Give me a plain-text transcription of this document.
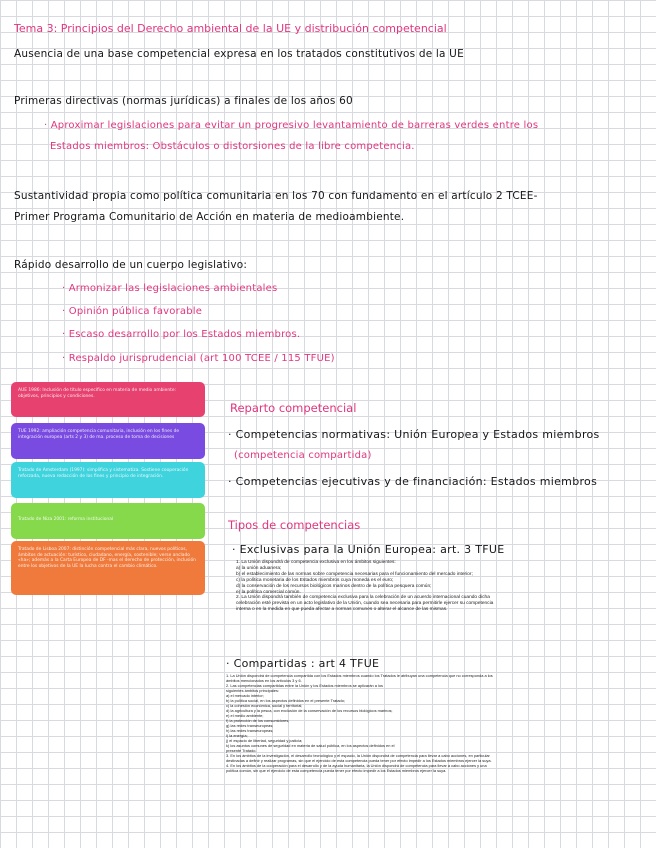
Tema 3: Principios del Derecho ambiental de la UE y distribución competencial
Ausencia de una base competencial expresa en los tratados constitutivos de la UE
Primeras directivas (normas jurídicas) a finales de los años 60
· Aproximar legislaciones para evitar un progresivo levantamiento de barreras verdes entre los
Estados miembros: Obstáculos o distorsiones de la libre competencia.
Sustantividad propia como política comunitaria en los 70 con fundamento en el artículo 2 TCEE-
Primer Programa Comunitario de Acción en materia de medioambiente.
Rápido desarrollo de un cuerpo legislativo:
· Armonizar las legislaciones ambientales
· Opinión pública favorable
· Escaso desarrollo por los Estados miembros.
· Respaldo jurisprudencial (art 100 TCEE / 115 TFUE)
AUE 1986: Inclusión de título específico en materia de medio ambiente: objetivos, principios y condiciones.
TUE 1992: ampliación competencia comunitaria, inclusión en los fines de integración europea (arts 2 y 3) de ma. proceso de toma de decisiones
Tratado de Amsterdam (1997): simplifica y sistematiza. Sostiene cooperación reforzada, nueva redacción de los fines y principio de integración.
Tratado de Niza 2001: reforma institucional
Tratado de Lisboa 2007: distinción competencial más clara, nuevos políticos, ámbitos de actuación: turístico, ciudadano, energía, sostenible; verse anclado «ha»; además a la Carta Europea de DF -mas el derecho de protección, inclusión entre los objetivos de la UE la lucha contra el cambio climático.
Reparto competencial
· Competencias normativas: Unión Europea y Estados miembros
(competencia compartida)
· Competencias ejecutivas y de financiación: Estados miembros
Tipos de competencias
· Exclusivas para la Unión Europea: art. 3 TFUE
1. La Unión dispondrá de competencia exclusiva en los ámbitos siguientes:
a) la unión aduanera;
b) el establecimiento de las normas sobre competencia necesarias para el funcionamiento del mercado interior;
c) la política monetaria de los Estados miembros cuya moneda es el euro;
d) la conservación de los recursos biológicos marinos dentro de la política pesquera común;
e) la política comercial común.
2. La Unión dispondrá también de competencia exclusiva para la celebración de un acuerdo internacional cuando dicha
celebración esté prevista en un acto legislativo de la Unión, cuando sea necesaria para permitirle ejercer su competencia
interna o en la medida en que pueda afectar a normas comunes o alterar el alcance de las mismas.
· Compartidas : art 4 TFUE
1. La Unión dispondrá de competencia compartida con los Estados miembros cuando los Tratados le atribuyan una competencia que no corresponda a los
ámbitos mencionados en los artículos 3 y 6.
2. Las competencias compartidas entre la Unión y los Estados miembros se aplicarán a los
siguientes ámbitos principales:
a) el mercado interior;
b) la política social, en los aspectos definidos en el presente Tratado;
c) la cohesión económica, social y territorial;
d) la agricultura y la pesca, con exclusión de la conservación de los recursos biológicos marinos;
e) el medio ambiente;
f) la protección de los consumidores;
g) las redes transeuropeas;
h) las redes transeuropeas;
i) la energía;
j) el espacio de libertad, seguridad y justicia;
k) los asuntos comunes de seguridad en materia de salud pública, en los aspectos definidos en el
presente Tratado.
3. En los ámbitos de la investigación, el desarrollo tecnológico y el espacio, la Unión dispondrá de competencia para llevar a cabo acciones, en particular
destinadas a definir y realizar programas, sin que el ejercicio de esta competencia pueda tener por efecto impedir a los Estados miembros ejercer la suya.
4. En los ámbitos de la cooperación para el desarrollo y de la ayuda humanitaria, la Unión dispondrá de competencia para llevar a cabo acciones y una
política común, sin que el ejercicio de esta competencia pueda tener por efecto impedir a los Estados miembros ejercer la suya.
